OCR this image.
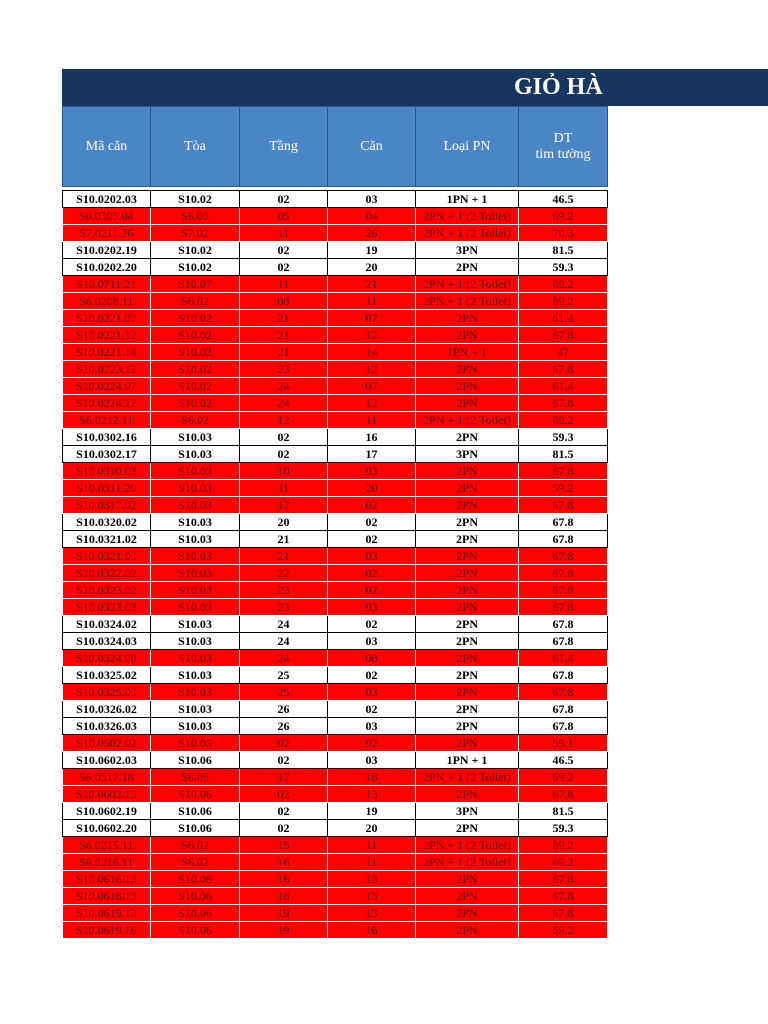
GIỎ HÀ
Mã căn	Tòa	Tầng	Căn	Loại PN	DT
tim tường

S10.0202.03	S10.02	02	03	1PN + 1	46.5
S6.0305.04	S6.03	05	04	2PN + 1 (2 Toilet)	69.2
S7.0211.26	S7.02	11	26	2PN + 1 (2 Toilet)	70.3
S10.0202.19	S10.02	02	19	3PN	81.5
S10.0202.20	S10.02	02	20	2PN	59.3
S10.0711.21	S10.07	11	21	2PN + 1 (2 Toilet)	69.2
S6.0208.11	S6.02	08	11	2PN + 1 (2 Toilet)	69.2
S10.0221.07	S10.02	21	07	2PN	61.4
S10.0221.12	S10.02	21	12	2PN	67.8
S10.0221.14	S10.02	21	14	1PN + 1	47
S10.0223.12	S10.02	23	12	2PN	67.8
S10.0224.07	S10.02	24	07	2PN	61.4
S10.0224.12	S10.02	24	12	2PN	67.8
S6.0212.11	S6.02	12	11	2PN + 1 (2 Toilet)	69.2
S10.0302.16	S10.03	02	16	2PN	59.3
S10.0302.17	S10.03	02	17	3PN	81.5
S10.0310.03	S10.03	10	03	2PN	67.8
S10.0311.20	S10.03	11	20	2PN	59.2
S10.0317.02	S10.03	17	02	2PN	67.8
S10.0320.02	S10.03	20	02	2PN	67.8
S10.0321.02	S10.03	21	02	2PN	67.8
S10.0321.03	S10.03	21	03	2PN	67.8
S10.0322.02	S10.03	22	02	2PN	67.8
S10.0323.02	S10.03	23	02	2PN	67.8
S10.0323.03	S10.03	23	03	2PN	67.8
S10.0324.02	S10.03	24	02	2PN	67.8
S10.0324.03	S10.03	24	03	2PN	67.8
S10.0324.08	S10.03	24	08	2PN	61.4
S10.0325.02	S10.03	25	02	2PN	67.8
S10.0325.03	S10.03	25	03	2PN	67.8
S10.0326.02	S10.03	26	02	2PN	67.8
S10.0326.03	S10.03	26	03	2PN	67.8
S10.0502.02	S10.05	02	02	2PN	59.1
S10.0602.03	S10.06	02	03	1PN + 1	46.5
S6.0517.18	S6.05	17	18	2PN + 1 (2 Toilet)	69.2
S10.0602.13	S10.06	02	13	2PN	67.8
S10.0602.19	S10.06	02	19	3PN	81.5
S10.0602.20	S10.06	02	20	2PN	59.3
S6.0215.11	S6.02	15	11	2PN + 1 (2 Toilet)	69.2
S6.0216.11	S6.02	16	11	2PN + 1 (2 Toilet)	69.2
S10.0616.13	S10.06	16	13	2PN	67.8
S10.0618.13	S10.06	18	13	2PN	67.8
S10.0619.13	S10.06	19	13	2PN	67.8
S10.0619.16	S10.06	19	16	2PN	59.2
